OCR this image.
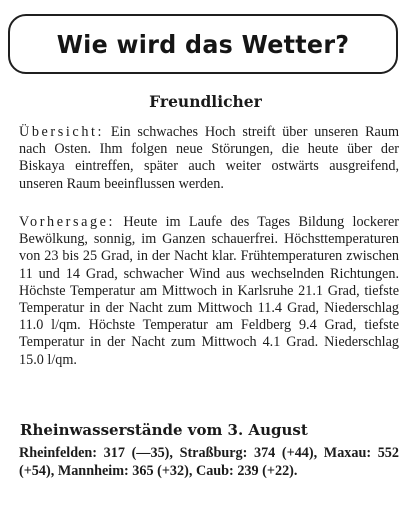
Wie wird das Wetter?
Freundlicher

Übersicht: Ein schwaches Hoch streift über unseren Raum nach Osten. Ihm folgen neue Störungen, die heute über der Biskaya eintreffen, später auch weiter ostwärts ausgreifend, unseren Raum beeinflussen werden.

Vorhersage: Heute im Laufe des Tages Bildung lockerer Bewölkung, sonnig, im Ganzen schauerfrei. Höchsttemperaturen von 23 bis 25 Grad, in der Nacht klar. Frühtemperaturen zwischen 11 und 14 Grad, schwacher Wind aus wechselnden Richtungen. Höchste Temperatur am Mittwoch in Karlsruhe 21.1 Grad, tiefste Temperatur in der Nacht zum Mittwoch 11.4 Grad, Niederschlag 11.0 l/qm. Höchste Temperatur am Feldberg 9.4 Grad, tiefste Temperatur in der Nacht zum Mittwoch 4.1 Grad. Niederschlag 15.0 l/qm.

Rheinwasserstände vom 3. August

Rheinfelden: 317 (—35), Straßburg: 374 (+44), Maxau: 552 (+54), Mannheim: 365 (+32), Caub: 239 (+22).
